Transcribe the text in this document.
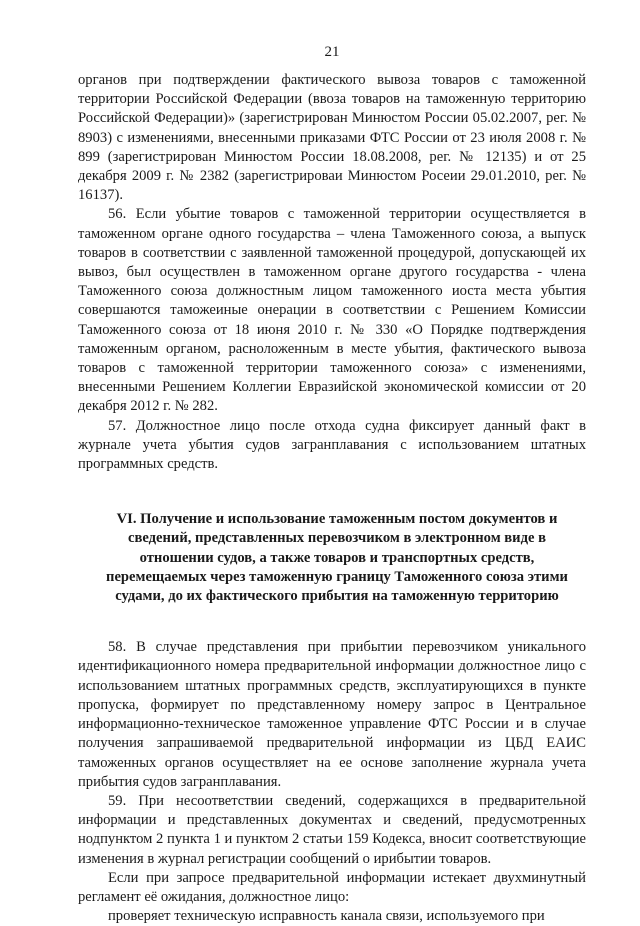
21

органов при подтверждении фактического вывоза товаров с таможенной территории Российской Федерации (ввоза товаров на таможенную территорию Российской Федерации)» (зарегистрирован Минюстом России 05.02.2007, рег. № 8903) с изменениями, внесенными приказами ФТС России от 23 июля 2008 г. № 899 (зарегистрирован Минюстом России 18.08.2008, рег. № 12135) и от 25 декабря 2009 г. № 2382 (зарегистрироваи Минюстом Росеии 29.01.2010, рег. № 16137).

56. Если убытие товаров с таможенной территории осуществляется в таможенном органе одного государства – члена Таможенного союза, а выпуск товаров в соответствии с заявленной таможенной процедурой, допускающей их вывоз, был осуществлен в таможенном органе другого государства - члена Таможенного союза должностным лицом таможенного иоста места убытия совершаются таможеиные онерации в соответствии с Решением Комиссии Таможенного союза от 18 июня 2010 г. № 330 «О Порядке подтверждения таможенным органом, расноложенным в месте убытия, фактического вывоза товаров с таможенной территории таможенного союза» с изменениями, внесенными Решением Коллегии Евразийской экономической комиссии от 20 декабря 2012 г. № 282.

57. Должностное лицо после отхода судна фиксирует данный факт в журнале учета убытия судов загранплавания с использованием штатных программных средств.

VI. Получение и использование таможенным постом документов и сведений, представленных перевозчиком в электронном виде в отношении судов, а также товаров и транспортных средств, перемещаемых через таможенную границу Таможенного союза этими судами, до их фактического прибытия на таможенную территорию

58. В случае представления при прибытии перевозчиком уникального идентификационного номера предварительной информации должностное лицо с использованием штатных программных средств, эксплуатирующихся в пункте пропуска, формирует по представленному номеру запрос в Центральное информационно-техническое таможенное управление ФТС России и в случае получения запрашиваемой предварительной информации из ЦБД ЕАИС таможенных органов осуществляет на ее основе заполнение журнала учета прибытия судов загранплавания.

59. При несоответствии сведений, содержащихся в предварительной информации и представленных документах и сведений, предусмотренных нодпунктом 2 пункта 1 и пунктом 2 статьи 159 Кодекса, вносит соответствующие изменения в журнал регистрации сообщений о ирибытии товаров.

Если при запросе предварительной информации истекает двухминутный регламент её ожидания, должностное лицо:

проверяет техническую исправность канала связи, используемого при
